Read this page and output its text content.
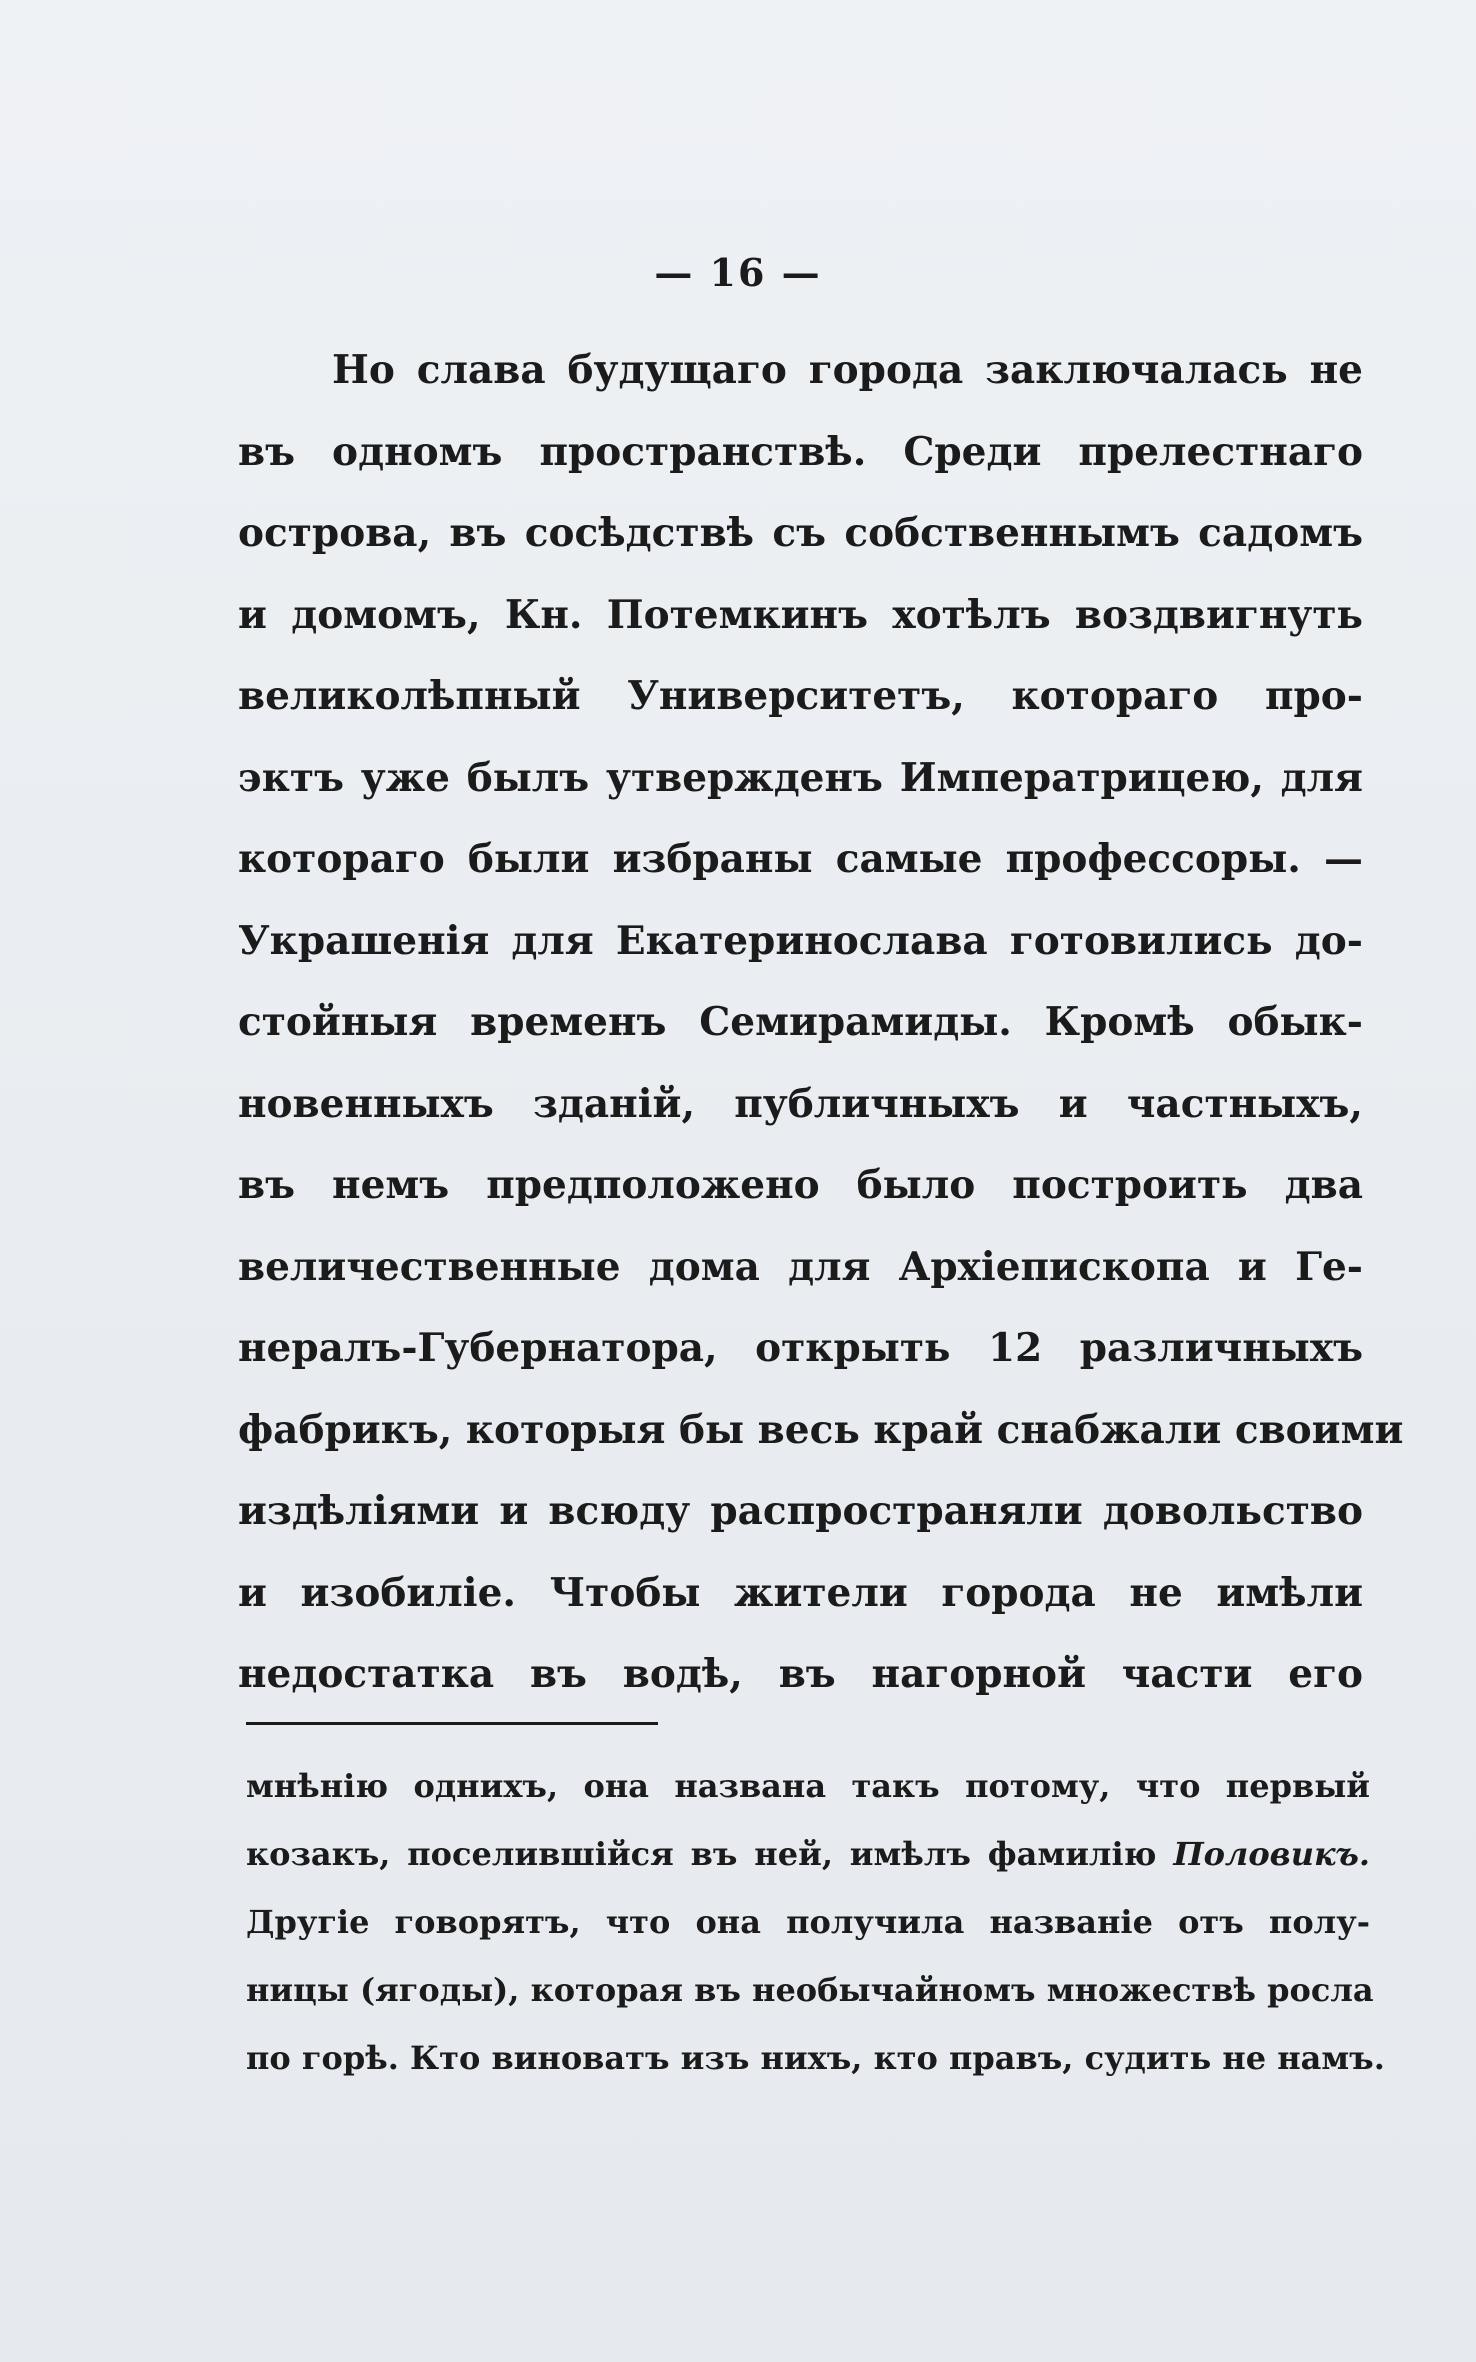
— 16 —
Но слава будущаго города заключалась не
въ одномъ пространствѣ. Среди прелестнаго
острова, въ сосѣдствѣ съ собственнымъ садомъ
и домомъ, Кн. Потемкинъ хотѣлъ воздвигнуть
великолѣпный Университетъ, котораго про-
эктъ уже былъ утвержденъ Императрицею, для
котораго были избраны самые профессоры. —
Украшенія для Екатеринослава готовились до-
стойныя временъ Семирамиды. Кромѣ обык-
новенныхъ зданій, публичныхъ и частныхъ,
въ немъ предположено было построить два
величественные дома для Архіепископа и Ге-
нералъ-Губернатора, открыть 12 различныхъ
фабрикъ, которыя бы весь край снабжали своими
издѣліями и всюду распространяли довольство
и изобиліе. Чтобы жители города не имѣли
недостатка въ водѣ, въ нагорной части его
мнѣнію однихъ, она названа такъ потому, что первый
козакъ, поселившійся въ ней, имѣлъ фамилію Половикъ.
Другіе говорятъ, что она получила названіе отъ полу-
ницы (ягоды), которая въ необычайномъ множествѣ росла
по горѣ. Кто виноватъ изъ нихъ, кто правъ, судить не намъ.
